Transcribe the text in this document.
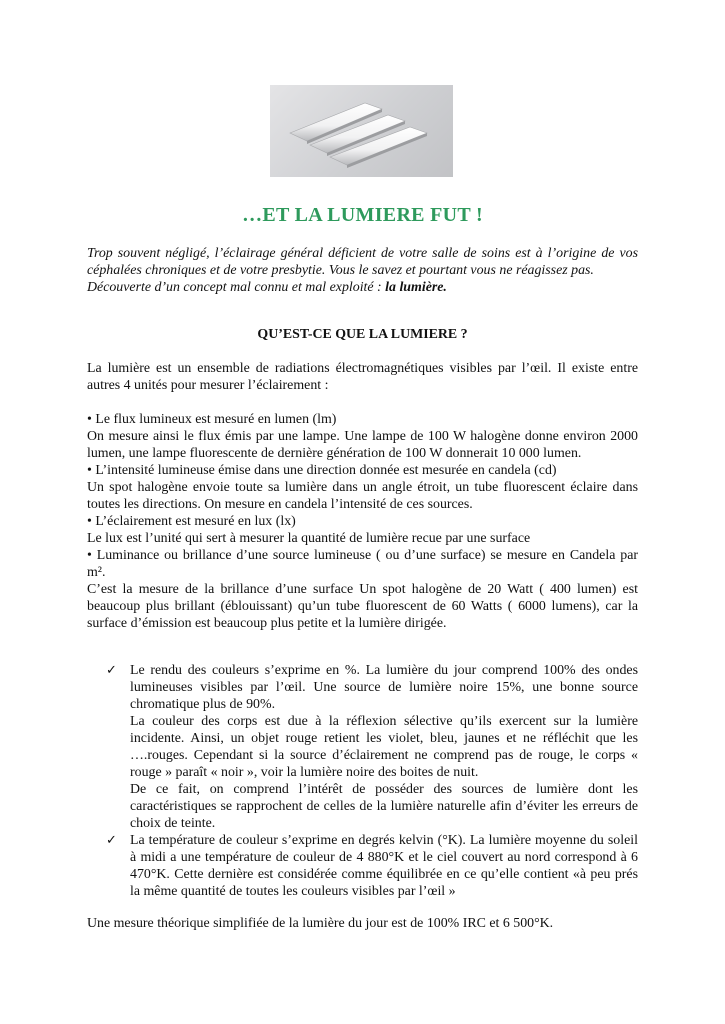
…ET LA LUMIERE FUT !

Trop souvent négligé, l’éclairage général déficient de votre salle de soins est à l’origine de vos céphalées chroniques et de votre presbytie. Vous le savez et pourtant vous ne réagissez pas.

Découverte d’un concept mal connu et mal exploité : la lumière.

QU’EST-CE QUE LA LUMIERE ?

La lumière est un ensemble de radiations électromagnétiques visibles par l’œil. Il existe entre autres 4 unités pour mesurer l’éclairement :

• Le flux lumineux est mesuré en lumen (lm)

On mesure ainsi le flux émis par une lampe. Une lampe de 100 W halogène donne environ 2000 lumen, une lampe fluorescente de dernière génération de 100 W donnerait 10 000 lumen.

• L’intensité lumineuse émise dans une direction donnée est mesurée en candela (cd)

Un spot halogène envoie toute sa lumière dans un angle étroit, un tube fluorescent éclaire dans toutes les directions. On mesure en candela l’intensité de ces sources.

• L’éclairement est mesuré en lux (lx)

Le lux est l’unité qui sert à mesurer la quantité de lumière recue par une surface

• Luminance ou brillance d’une source lumineuse ( ou d’une surface) se mesure en Candela par m².

C’est la mesure de la brillance d’une surface Un spot halogène de 20 Watt ( 400 lumen) est beaucoup plus brillant (éblouissant) qu’un tube fluorescent de 60 Watts ( 6000 lumens), car la surface d’émission est beaucoup plus petite et la lumière dirigée.

✓ Le rendu des couleurs s’exprime en %. La lumière du jour comprend 100% des ondes lumineuses visibles par l’œil. Une source de lumière noire 15%, une bonne source chromatique plus de 90%.

La couleur des corps est due à la réflexion sélective qu’ils exercent sur la lumière incidente. Ainsi, un objet rouge retient les violet, bleu, jaunes et ne réfléchit que les ….rouges. Cependant si la source d’éclairement ne comprend pas de rouge, le corps « rouge » paraît « noir », voir la lumière noire des boites de nuit.

De ce fait, on comprend l’intérêt de posséder des sources de lumière dont les caractéristiques se rapprochent de celles de la lumière naturelle afin d’éviter les erreurs de choix de teinte.

✓ La température de couleur s’exprime en degrés kelvin (°K). La lumière moyenne du soleil à midi a une température de couleur de 4 880°K et le ciel couvert au nord correspond à 6 470°K. Cette dernière est considérée comme équilibrée en ce qu’elle contient «à peu prés la même quantité de toutes les couleurs visibles par l’œil »

Une mesure théorique simplifiée de la lumière du jour est de 100% IRC et 6 500°K.
